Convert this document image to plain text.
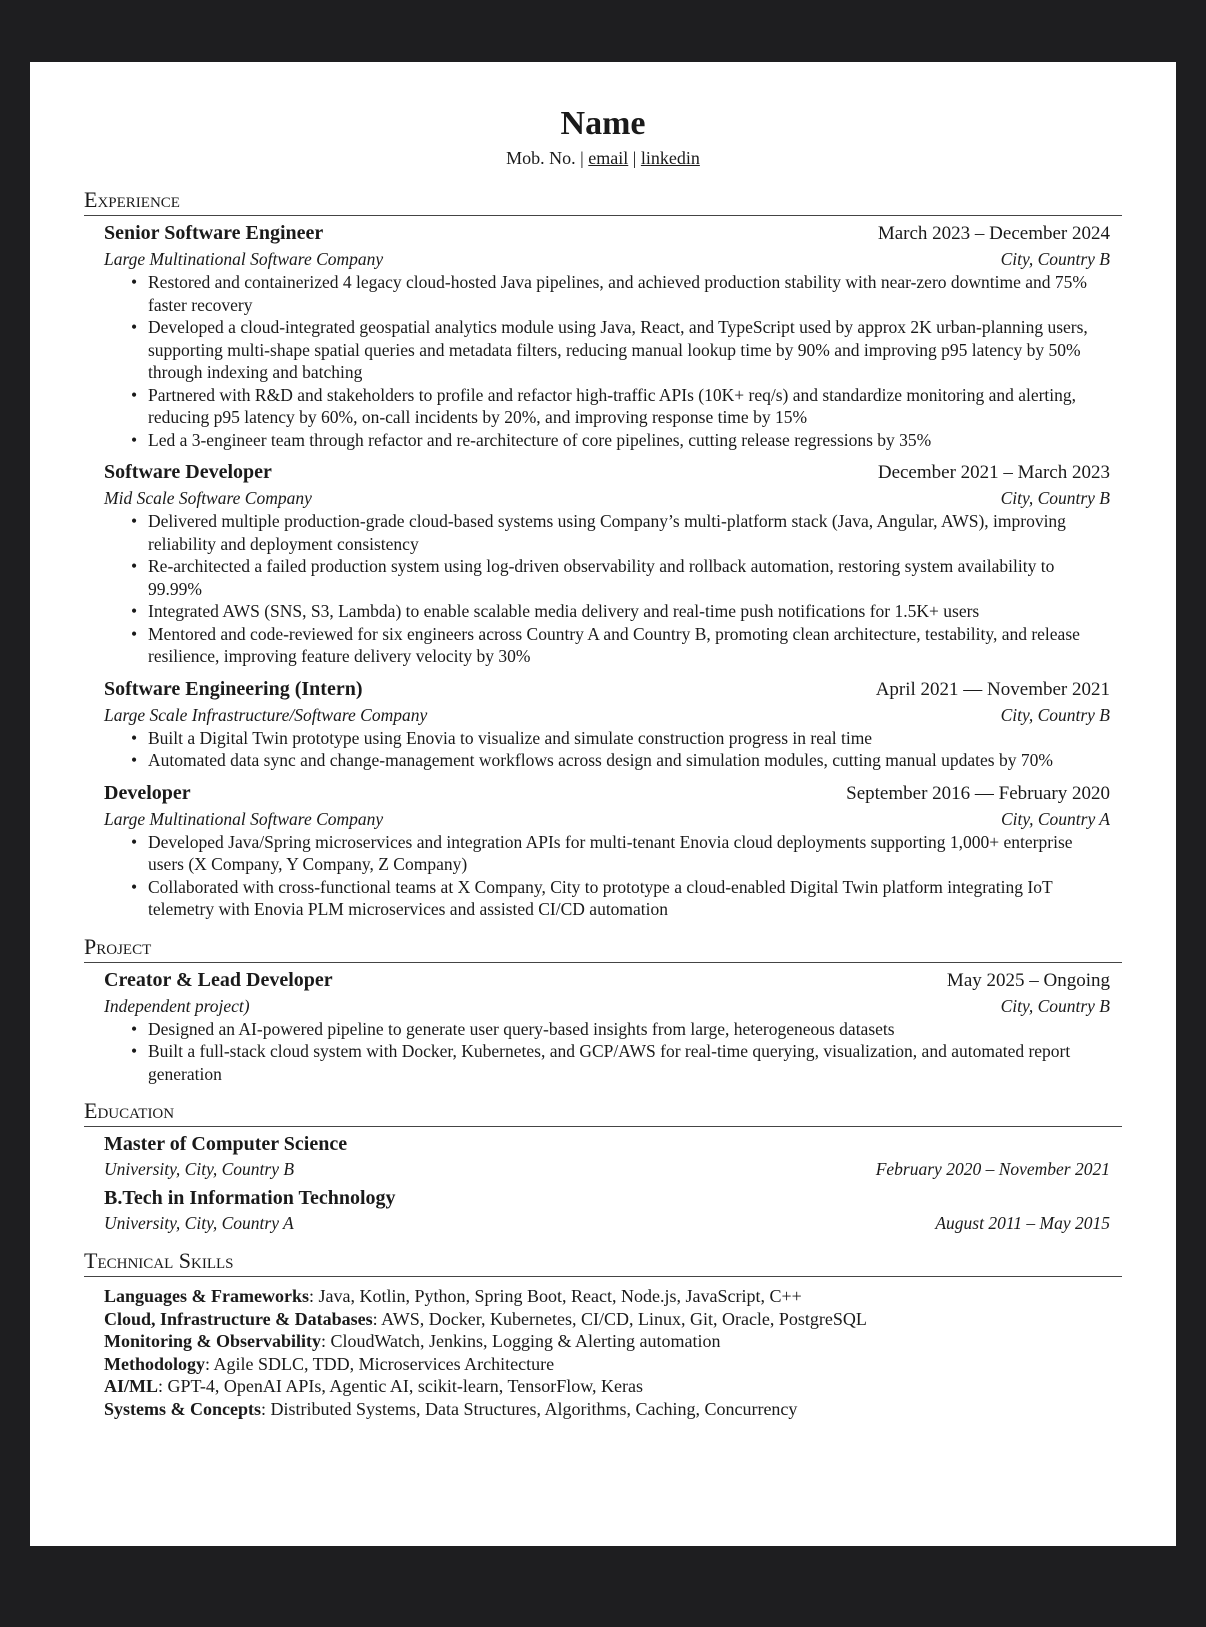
Name
Mob. No. | email | linkedin
Experience
Senior Software Engineer	March 2023 – December 2024
Large Multinational Software Company	City, Country B
• Restored and containerized 4 legacy cloud-hosted Java pipelines, and achieved production stability with near-zero downtime and 75% faster recovery
• Developed a cloud-integrated geospatial analytics module using Java, React, and TypeScript used by approx 2K urban-planning users, supporting multi-shape spatial queries and metadata filters, reducing manual lookup time by 90% and improving p95 latency by 50% through indexing and batching
• Partnered with R&D and stakeholders to profile and refactor high-traffic APIs (10K+ req/s) and standardize monitoring and alerting, reducing p95 latency by 60%, on-call incidents by 20%, and improving response time by 15%
• Led a 3-engineer team through refactor and re-architecture of core pipelines, cutting release regressions by 35%
Software Developer	December 2021 – March 2023
Mid Scale Software Company	City, Country B
• Delivered multiple production-grade cloud-based systems using Company’s multi-platform stack (Java, Angular, AWS), improving reliability and deployment consistency
• Re-architected a failed production system using log-driven observability and rollback automation, restoring system availability to 99.99%
• Integrated AWS (SNS, S3, Lambda) to enable scalable media delivery and real-time push notifications for 1.5K+ users
• Mentored and code-reviewed for six engineers across Country A and Country B, promoting clean architecture, testability, and release resilience, improving feature delivery velocity by 30%
Software Engineering (Intern)	April 2021 — November 2021
Large Scale Infrastructure/Software Company	City, Country B
• Built a Digital Twin prototype using Enovia to visualize and simulate construction progress in real time
• Automated data sync and change-management workflows across design and simulation modules, cutting manual updates by 70%
Developer	September 2016 — February 2020
Large Multinational Software Company	City, Country A
• Developed Java/Spring microservices and integration APIs for multi-tenant Enovia cloud deployments supporting 1,000+ enterprise users (X Company, Y Company, Z Company)
• Collaborated with cross-functional teams at X Company, City to prototype a cloud-enabled Digital Twin platform integrating IoT telemetry with Enovia PLM microservices and assisted CI/CD automation
Project
Creator & Lead Developer	May 2025 – Ongoing
Independent project)	City, Country B
• Designed an AI-powered pipeline to generate user query-based insights from large, heterogeneous datasets
• Built a full-stack cloud system with Docker, Kubernetes, and GCP/AWS for real-time querying, visualization, and automated report generation
Education
Master of Computer Science
University, City, Country B	February 2020 – November 2021
B.Tech in Information Technology
University, City, Country A	August 2011 – May 2015
Technical Skills
Languages & Frameworks: Java, Kotlin, Python, Spring Boot, React, Node.js, JavaScript, C++
Cloud, Infrastructure & Databases: AWS, Docker, Kubernetes, CI/CD, Linux, Git, Oracle, PostgreSQL
Monitoring & Observability: CloudWatch, Jenkins, Logging & Alerting automation
Methodology: Agile SDLC, TDD, Microservices Architecture
AI/ML: GPT-4, OpenAI APIs, Agentic AI, scikit-learn, TensorFlow, Keras
Systems & Concepts: Distributed Systems, Data Structures, Algorithms, Caching, Concurrency
